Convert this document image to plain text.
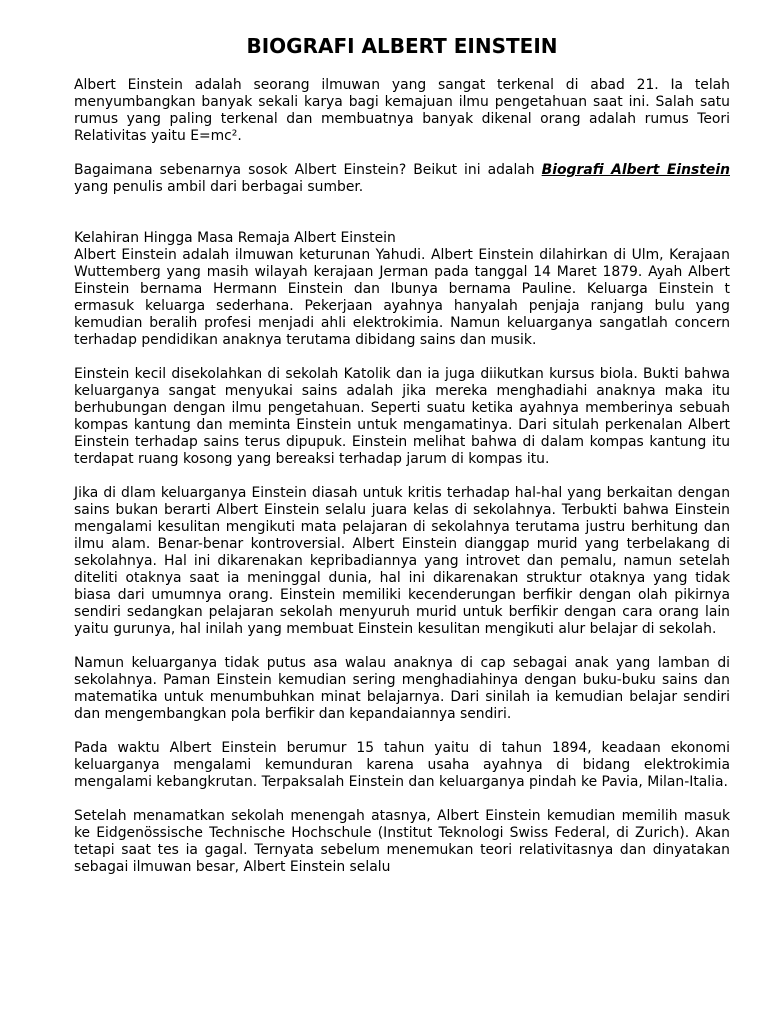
BIOGRAFI ALBERT EINSTEIN

Albert Einstein adalah seorang ilmuwan yang sangat terkenal di abad 21. Ia telah menyumbangkan banyak sekali karya bagi kemajuan ilmu pengetahuan saat ini. Salah satu rumus yang paling terkenal dan membuatnya banyak dikenal orang adalah rumus Teori Relativitas yaitu E=mc².

Bagaimana sebenarnya sosok Albert Einstein? Beikut ini adalah Biografi Albert Einstein yang penulis ambil dari berbagai sumber.

Kelahiran Hingga Masa Remaja Albert Einstein

Albert Einstein adalah ilmuwan keturunan Yahudi. Albert Einstein dilahirkan di Ulm, Kerajaan Wuttemberg yang masih wilayah kerajaan Jerman pada tanggal 14 Maret 1879. Ayah Albert Einstein bernama Hermann Einstein dan Ibunya bernama Pauline. Keluarga Einstein t ermasuk keluarga sederhana. Pekerjaan ayahnya hanyalah penjaja ranjang bulu yang kemudian beralih profesi menjadi ahli elektrokimia. Namun keluarganya sangatlah concern terhadap pendidikan anaknya terutama dibidang sains dan musik.

Einstein kecil disekolahkan di sekolah Katolik dan ia juga diikutkan kursus biola. Bukti bahwa keluarganya sangat menyukai sains adalah jika mereka menghadiahi anaknya maka itu berhubungan dengan ilmu pengetahuan. Seperti suatu ketika ayahnya memberinya sebuah kompas kantung dan meminta Einstein untuk mengamatinya. Dari situlah perkenalan Albert Einstein terhadap sains terus dipupuk. Einstein melihat bahwa di dalam kompas kantung itu terdapat ruang kosong yang bereaksi terhadap jarum di kompas itu.

Jika di dlam keluarganya Einstein diasah untuk kritis terhadap hal-hal yang berkaitan dengan sains bukan berarti Albert Einstein selalu juara kelas di sekolahnya. Terbukti bahwa Einstein mengalami kesulitan mengikuti mata pelajaran di sekolahnya terutama justru berhitung dan ilmu alam. Benar-benar kontroversial. Albert Einstein dianggap murid yang terbelakang di sekolahnya. Hal ini dikarenakan kepribadiannya yang introvet dan pemalu, namun setelah diteliti otaknya saat ia meninggal dunia, hal ini dikarenakan struktur otaknya yang tidak biasa dari umumnya orang. Einstein memiliki kecenderungan berfikir dengan olah pikirnya sendiri sedangkan pelajaran sekolah menyuruh murid untuk berfikir dengan cara orang lain yaitu gurunya, hal inilah yang membuat Einstein kesulitan mengikuti alur belajar di sekolah.

Namun keluarganya tidak putus asa walau anaknya di cap sebagai anak yang lamban di sekolahnya. Paman Einstein kemudian sering menghadiahinya dengan buku-buku sains dan matematika untuk menumbuhkan minat belajarnya. Dari sinilah ia kemudian belajar sendiri dan mengembangkan pola berfikir dan kepandaiannya sendiri.

Pada waktu Albert Einstein berumur 15 tahun yaitu di tahun 1894, keadaan ekonomi keluarganya mengalami kemunduran karena usaha ayahnya di bidang elektrokimia mengalami kebangkrutan. Terpaksalah Einstein dan keluarganya pindah ke Pavia, Milan-Italia.

Setelah menamatkan sekolah menengah atasnya, Albert Einstein kemudian memilih masuk ke Eidgenössische Technische Hochschule (Institut Teknologi Swiss Federal, di Zurich). Akan tetapi saat tes ia gagal. Ternyata sebelum menemukan teori relativitasnya dan dinyatakan sebagai ilmuwan besar, Albert Einstein selalu
